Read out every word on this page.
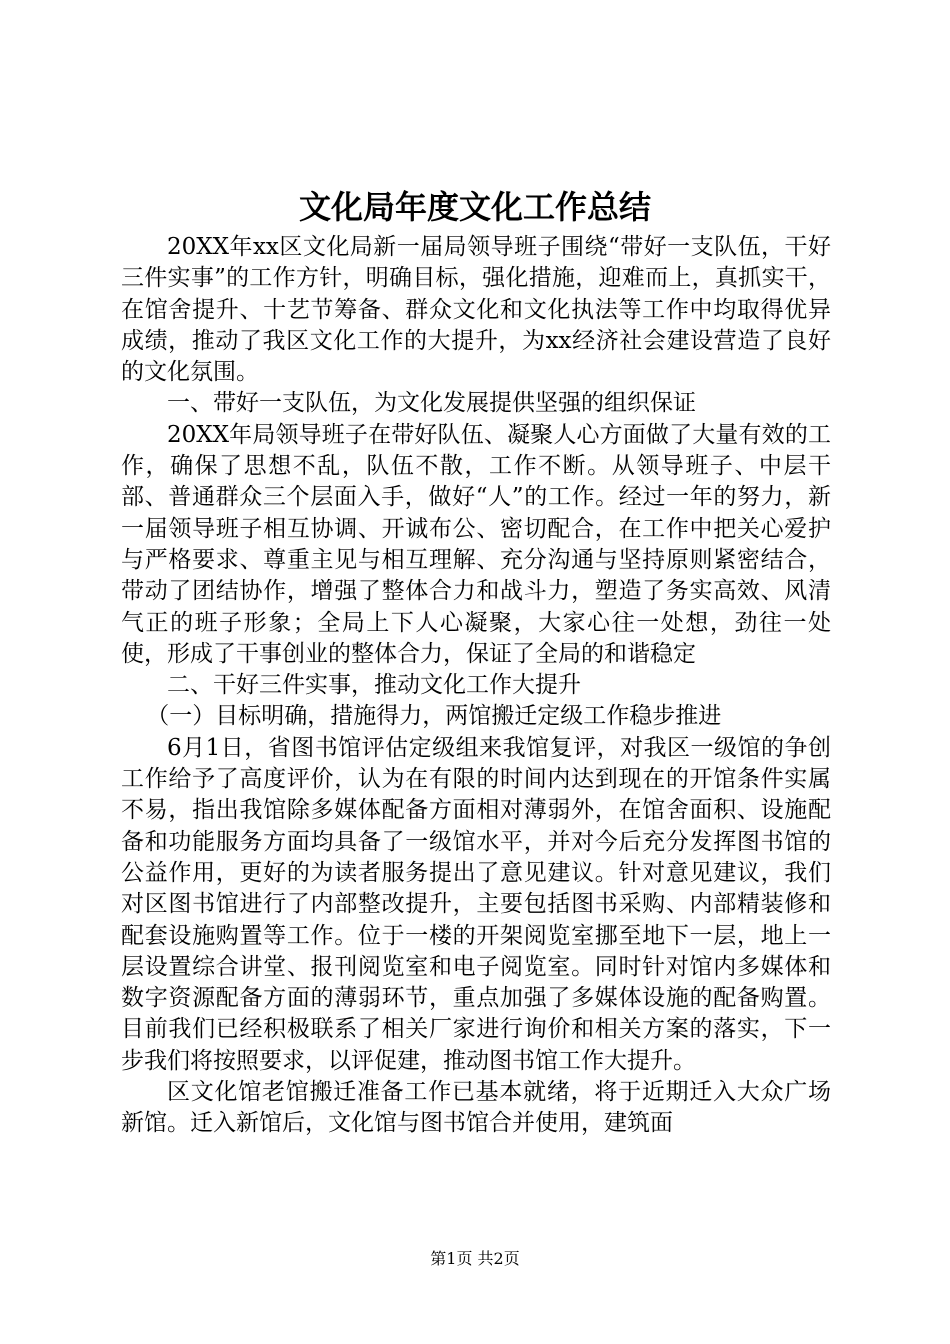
文化局年度文化工作总结

20XX年xx区文化局新一届局领导班子围绕“带好一支队伍，干好三件实事”的工作方针，明确目标，强化措施，迎难而上，真抓实干，在馆舍提升、十艺节筹备、群众文化和文化执法等工作中均取得优异成绩，推动了我区文化工作的大提升，为xx经济社会建设营造了良好的文化氛围。

一、带好一支队伍，为文化发展提供坚强的组织保证

20XX年局领导班子在带好队伍、凝聚人心方面做了大量有效的工作，确保了思想不乱，队伍不散，工作不断。从领导班子、中层干部、普通群众三个层面入手，做好“人”的工作。经过一年的努力，新一届领导班子相互协调、开诚布公、密切配合，在工作中把关心爱护与严格要求、尊重主见与相互理解、充分沟通与坚持原则紧密结合，带动了团结协作，增强了整体合力和战斗力，塑造了务实高效、风清气正的班子形象；全局上下人心凝聚，大家心往一处想，劲往一处使，形成了干事创业的整体合力，保证了全局的和谐稳定

二、干好三件实事，推动文化工作大提升

（一）目标明确，措施得力，两馆搬迁定级工作稳步推进

6月1日，省图书馆评估定级组来我馆复评，对我区一级馆的争创工作给予了高度评价，认为在有限的时间内达到现在的开馆条件实属不易，指出我馆除多媒体配备方面相对薄弱外，在馆舍面积、设施配备和功能服务方面均具备了一级馆水平，并对今后充分发挥图书馆的公益作用，更好的为读者服务提出了意见建议。针对意见建议，我们对区图书馆进行了内部整改提升，主要包括图书采购、内部精装修和配套设施购置等工作。位于一楼的开架阅览室挪至地下一层，地上一层设置综合讲堂、报刊阅览室和电子阅览室。同时针对馆内多媒体和数字资源配备方面的薄弱环节，重点加强了多媒体设施的配备购置。目前我们已经积极联系了相关厂家进行询价和相关方案的落实，下一步我们将按照要求，以评促建，推动图书馆工作大提升。

区文化馆老馆搬迁准备工作已基本就绪，将于近期迁入大众广场新馆。迁入新馆后，文化馆与图书馆合并使用，建筑面

第1页 共2页
